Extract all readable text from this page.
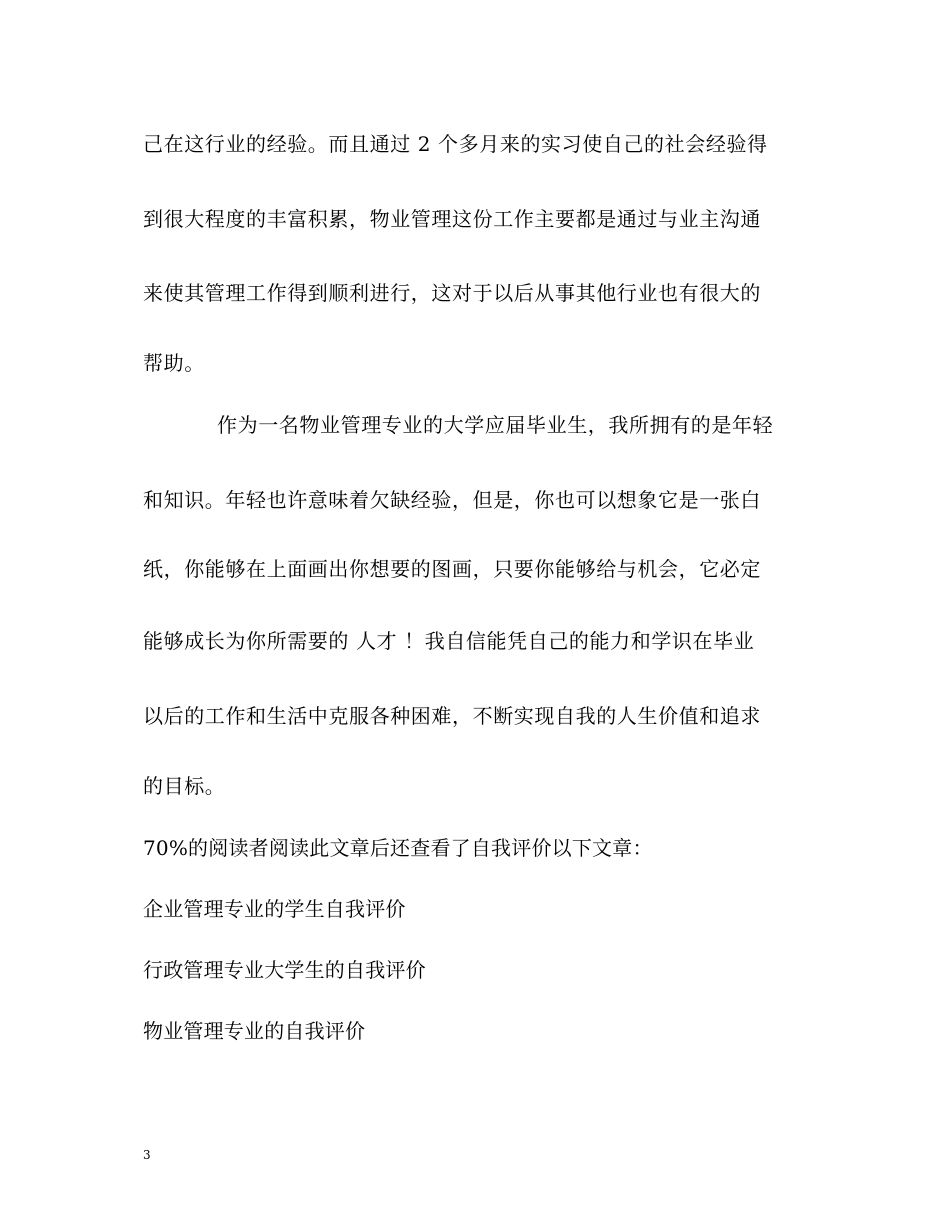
己在这行业的经验。而且通过 2 个多月来的实习使自己的社会经验得
到很大程度的丰富积累，物业管理这份工作主要都是通过与业主沟通
来使其管理工作得到顺利进行，这对于以后从事其他行业也有很大的
帮助。
作为一名物业管理专业的大学应届毕业生，我所拥有的是年轻
和知识。年轻也许意味着欠缺经验，但是，你也可以想象它是一张白
纸，你能够在上面画出你想要的图画，只要你能够给与机会，它必定
能够成长为你所需要的 人才 ！我自信能凭自己的能力和学识在毕业
以后的工作和生活中克服各种困难，不断实现自我的人生价值和追求
的目标。
70%的阅读者阅读此文章后还查看了自我评价以下文章：
企业管理专业的学生自我评价
行政管理专业大学生的自我评价
物业管理专业的自我评价
3
